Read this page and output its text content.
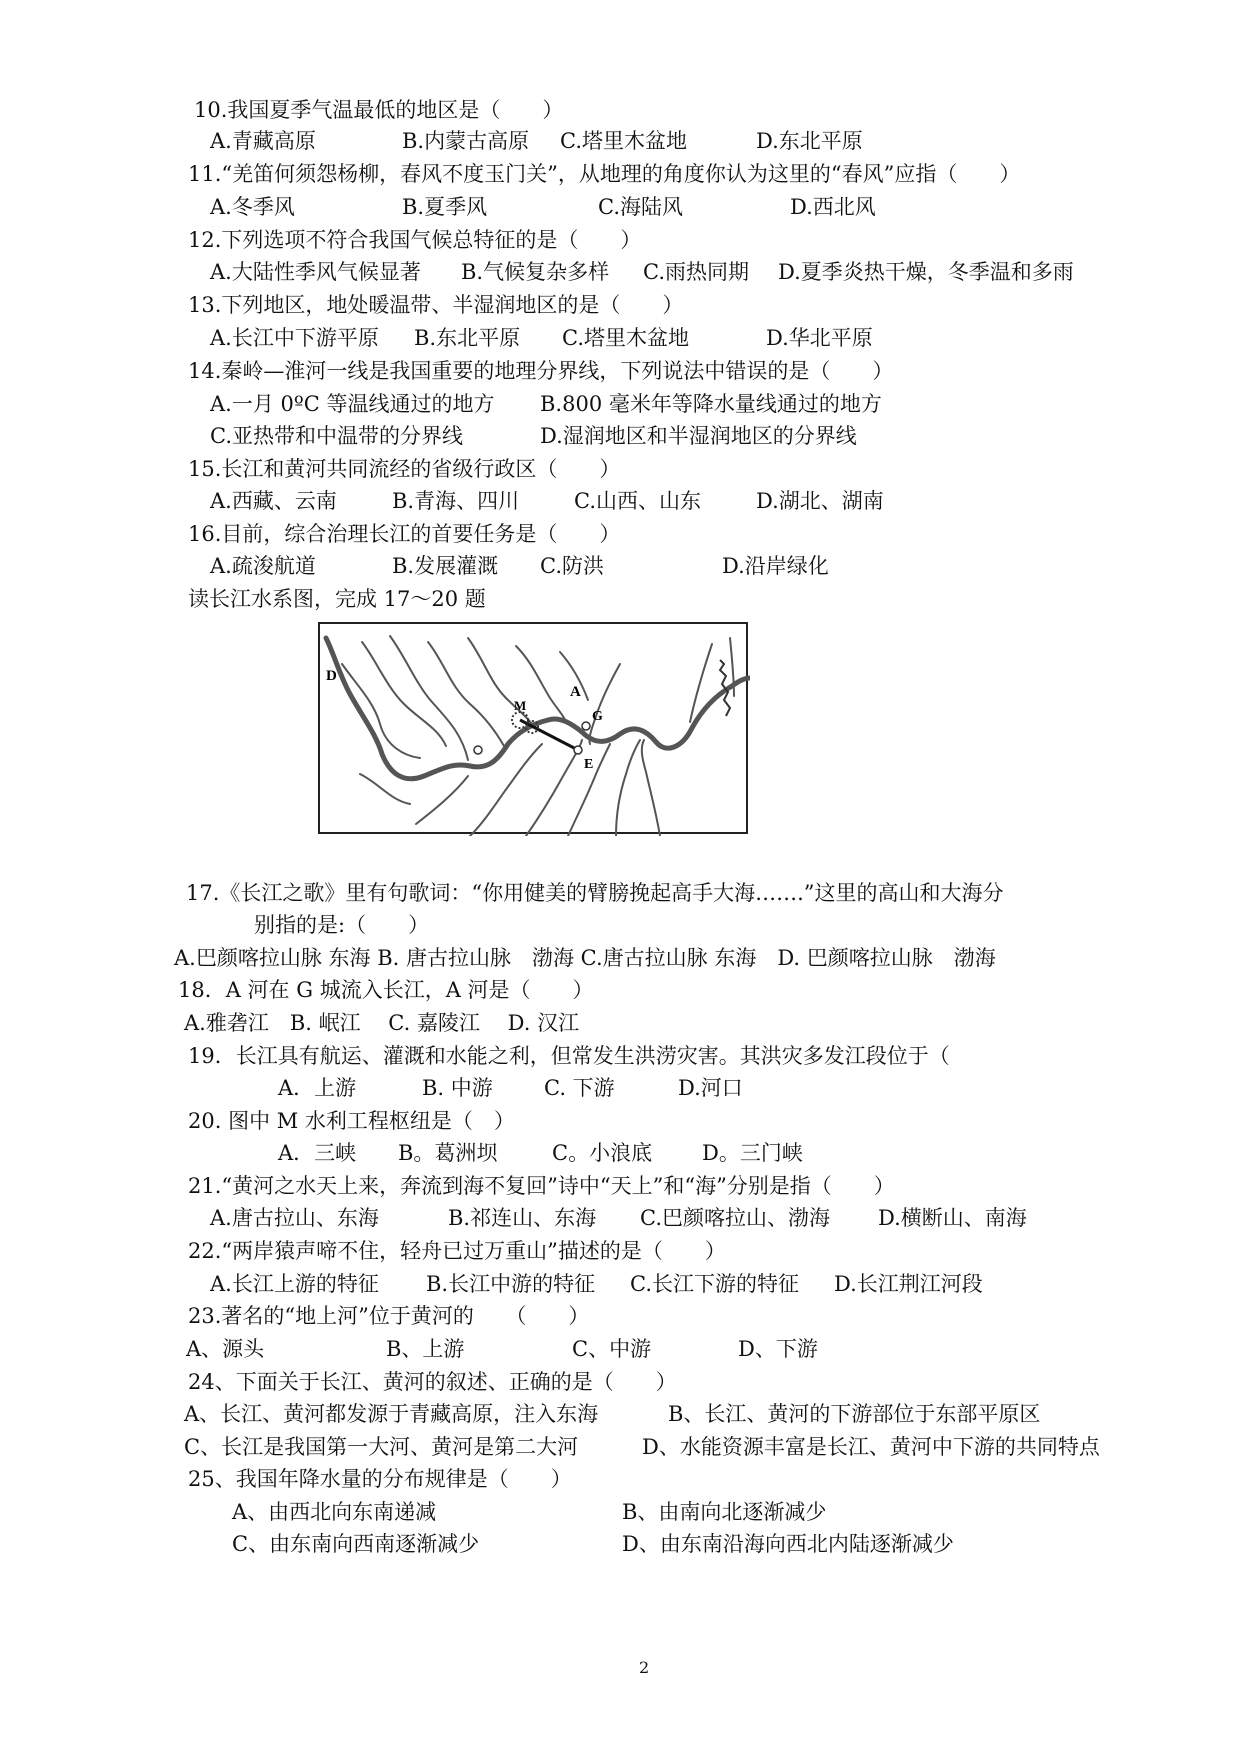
10.我国夏季气温最低的地区是（　　）
A.青藏高原	B.内蒙古高原 C.塔里木盆地	D.东北平原
11.“羌笛何须怨杨柳，春风不度玉门关”，从地理的角度你认为这里的“春风”应指（　　）
A.冬季风	B.夏季风	C.海陆风	D.西北风
12.下列选项不符合我国气候总特征的是（　　）
A.大陆性季风气候显著 B.气候复杂多样 C.雨热同期 D.夏季炎热干燥，冬季温和多雨
13.下列地区，地处暖温带、半湿润地区的是（　　）
A.长江中下游平原 B.东北平原 C.塔里木盆地	D.华北平原
14.秦岭—淮河一线是我国重要的地理分界线，下列说法中错误的是（　　）
A.一月 0ºC 等温线通过的地方 B.800 毫米年等降水量线通过的地方
C.亚热带和中温带的分界线	D.湿润地区和半湿润地区的分界线
15.长江和黄河共同流经的省级行政区（　　）
A.西藏、云南	B.青海、四川	C.山西、山东	D.湖北、湖南
16.目前，综合治理长江的首要任务是（　　）
A.疏浚航道	B.发展灌溉 C.防洪	D.沿岸绿化
读长江水系图，完成 17～20 题
D
A
M
G
E
17.《长江之歌》里有句歌词：“你用健美的臂膀挽起高手大海…….”这里的高山和大海分
别指的是:（　　）
A.巴颜喀拉山脉 东海 B. 唐古拉山脉　渤海 C.唐古拉山脉 东海　D. 巴颜喀拉山脉　渤海
18．A 河在 G 城流入长江，A 河是（　　）
A.雅砻江　B. 岷江　 C. 嘉陵江　 D. 汉江
19．长江具有航运、灌溉和水能之利，但常发生洪涝灾害。其洪灾多发江段位于（
A．上游	B. 中游 C. 下游	D.河口
20. 图中 M 水利工程枢纽是（　）
A．三峡 B。葛洲坝	C。小浪底 D。三门峡
21.“黄河之水天上来，奔流到海不复回”诗中“天上”和“海”分别是指（　　）
A.唐古拉山、东海	B.祁连山、东海 C.巴颜喀拉山、渤海 D.横断山、南海
22.“两岸猿声啼不住，轻舟已过万重山”描述的是（　　）
A.长江上游的特征 B.长江中游的特征 C.长江下游的特征 D.长江荆江河段
23.著名的“地上河”位于黄河的　　（　　）
A、源头	B、上游	C、中游	D、下游
24、下面关于长江、黄河的叙述、正确的是（　　）
A、长江、黄河都发源于青藏高原，注入东海	B、长江、黄河的下游部位于东部平原区
C、长江是我国第一大河、黄河是第二大河	D、水能资源丰富是长江、黄河中下游的共同特点
25、我国年降水量的分布规律是（　　）
A、由西北向东南递减	B、由南向北逐渐减少
C、由东南向西南逐渐减少	D、由东南沿海向西北内陆逐渐减少
2
